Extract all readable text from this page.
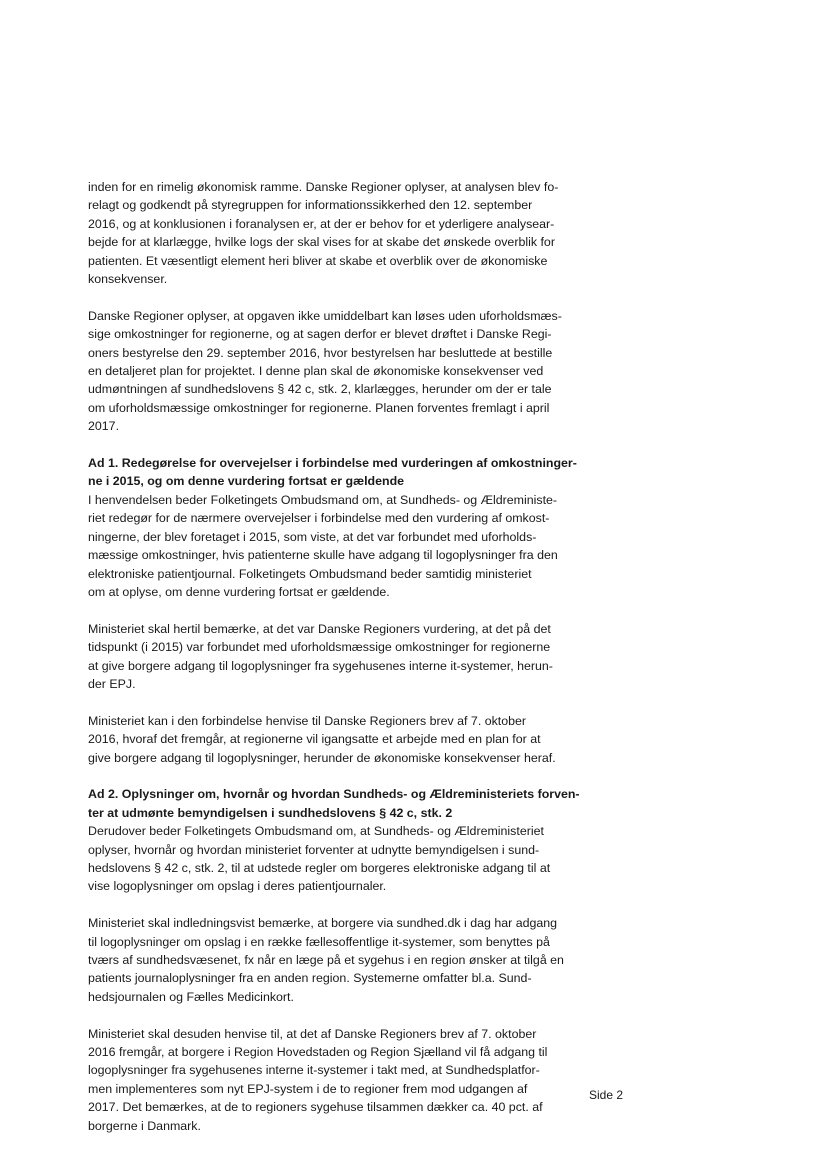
inden for en rimelig økonomisk ramme. Danske Regioner oplyser, at analysen blev fo-
relagt og godkendt på styregruppen for informationssikkerhed den 12. september
2016, og at konklusionen i foranalysen er, at der er behov for et yderligere analysear-
bejde for at klarlægge, hvilke logs der skal vises for at skabe det ønskede overblik for
patienten. Et væsentligt element heri bliver at skabe et overblik over de økonomiske
konsekvenser.

Danske Regioner oplyser, at opgaven ikke umiddelbart kan løses uden uforholdsmæs-
sige omkostninger for regionerne, og at sagen derfor er blevet drøftet i Danske Regi-
oners bestyrelse den 29. september 2016, hvor bestyrelsen har besluttede at bestille
en detaljeret plan for projektet. I denne plan skal de økonomiske konsekvenser ved
udmøntningen af sundhedslovens § 42 c, stk. 2, klarlægges, herunder om der er tale
om uforholdsmæssige omkostninger for regionerne. Planen forventes fremlagt i april
2017.

Ad 1. Redegørelse for overvejelser i forbindelse med vurderingen af omkostninger-
ne i 2015, og om denne vurdering fortsat er gældende
I henvendelsen beder Folketingets Ombudsmand om, at Sundheds- og Ældreministe-
riet redegør for de nærmere overvejelser i forbindelse med den vurdering af omkost-
ningerne, der blev foretaget i 2015, som viste, at det var forbundet med uforholds-
mæssige omkostninger, hvis patienterne skulle have adgang til logoplysninger fra den
elektroniske patientjournal. Folketingets Ombudsmand beder samtidig ministeriet
om at oplyse, om denne vurdering fortsat er gældende.

Ministeriet skal hertil bemærke, at det var Danske Regioners vurdering, at det på det
tidspunkt (i 2015) var forbundet med uforholdsmæssige omkostninger for regionerne
at give borgere adgang til logoplysninger fra sygehusenes interne it-systemer, herun-
der EPJ.

Ministeriet kan i den forbindelse henvise til Danske Regioners brev af 7. oktober
2016, hvoraf det fremgår, at regionerne vil igangsatte et arbejde med en plan for at
give borgere adgang til logoplysninger, herunder de økonomiske konsekvenser heraf.

Ad 2. Oplysninger om, hvornår og hvordan Sundheds- og Ældreministeriets forven-
ter at udmønte bemyndigelsen i sundhedslovens § 42 c, stk. 2
Derudover beder Folketingets Ombudsmand om, at Sundheds- og Ældreministeriet
oplyser, hvornår og hvordan ministeriet forventer at udnytte bemyndigelsen i sund-
hedslovens § 42 c, stk. 2, til at udstede regler om borgeres elektroniske adgang til at
vise logoplysninger om opslag i deres patientjournaler.

Ministeriet skal indledningsvist bemærke, at borgere via sundhed.dk i dag har adgang
til logoplysninger om opslag i en række fællesoffentlige it-systemer, som benyttes på
tværs af sundhedsvæsenet, fx når en læge på et sygehus i en region ønsker at tilgå en
patients journaloplysninger fra en anden region. Systemerne omfatter bl.a. Sund-
hedsjournalen og Fælles Medicinkort.

Ministeriet skal desuden henvise til, at det af Danske Regioners brev af 7. oktober
2016 fremgår, at borgere i Region Hovedstaden og Region Sjælland vil få adgang til
logoplysninger fra sygehusenes interne it-systemer i takt med, at Sundhedsplatfor-
men implementeres som nyt EPJ-system i de to regioner frem mod udgangen af
2017. Det bemærkes, at de to regioners sygehuse tilsammen dækker ca. 40 pct. af
borgerne i Danmark.

Side 2
